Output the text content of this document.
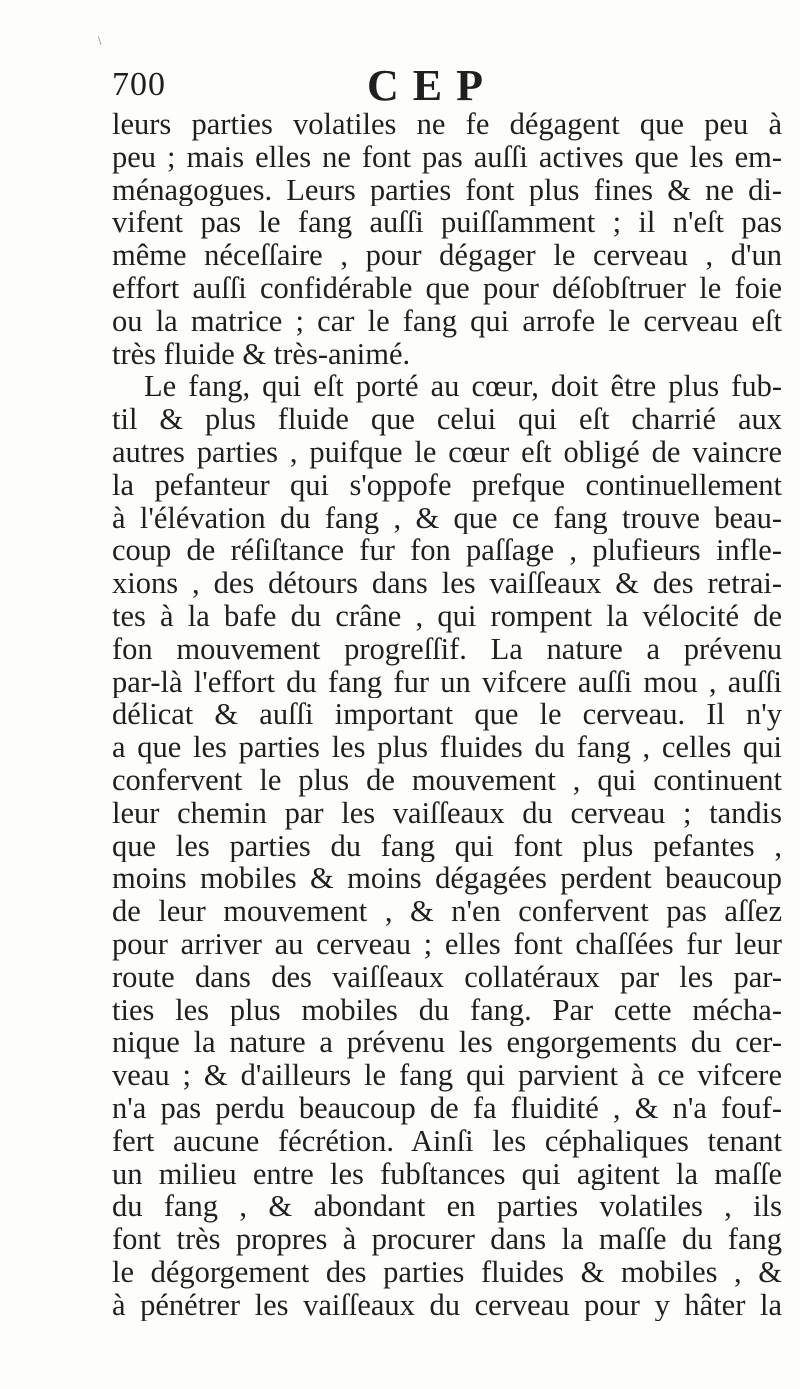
\
700	CEP
leurs parties volatiles ne fe dégagent que peu à
peu ; mais elles ne font pas auſſi actives que les em-
ménagogues. Leurs parties font plus fines & ne di-
vifent pas le fang auſſi puiſſamment ; il n'eſt pas
même néceſſaire , pour dégager le cerveau , d'un
effort auſſi confidérable que pour déſobſtruer le foie
ou la matrice ; car le fang qui arrofe le cerveau eſt
très fluide & très-animé.
Le fang, qui eſt porté au cœur, doit être plus fub-
til & plus fluide que celui qui eſt charrié aux
autres parties , puifque le cœur eſt obligé de vaincre
la pefanteur qui s'oppofe prefque continuellement
à l'élévation du fang , & que ce fang trouve beau-
coup de réſiſtance fur fon paſſage , plufieurs infle-
xions , des détours dans les vaiſſeaux & des retrai-
tes à la bafe du crâne , qui rompent la vélocité de
fon mouvement progreſſif. La nature a prévenu
par-là l'effort du fang fur un vifcere auſſi mou , auſſi
délicat & auſſi important que le cerveau. Il n'y
a que les parties les plus fluides du fang , celles qui
confervent le plus de mouvement , qui continuent
leur chemin par les vaiſſeaux du cerveau ; tandis
que les parties du fang qui font plus pefantes ,
moins mobiles & moins dégagées perdent beaucoup
de leur mouvement , & n'en confervent pas aſſez
pour arriver au cerveau ; elles font chaſſées fur leur
route dans des vaiſſeaux collatéraux par les par-
ties les plus mobiles du fang. Par cette mécha-
nique la nature a prévenu les engorgements du cer-
veau ; & d'ailleurs le fang qui parvient à ce vifcere
n'a pas perdu beaucoup de fa fluidité , & n'a fouf-
fert aucune fécrétion. Ainſi les céphaliques tenant
un milieu entre les fubſtances qui agitent la maſſe
du fang , & abondant en parties volatiles , ils
font très propres à procurer dans la maſſe du fang
le dégorgement des parties fluides & mobiles , &
à pénétrer les vaiſſeaux du cerveau pour y hâter la
